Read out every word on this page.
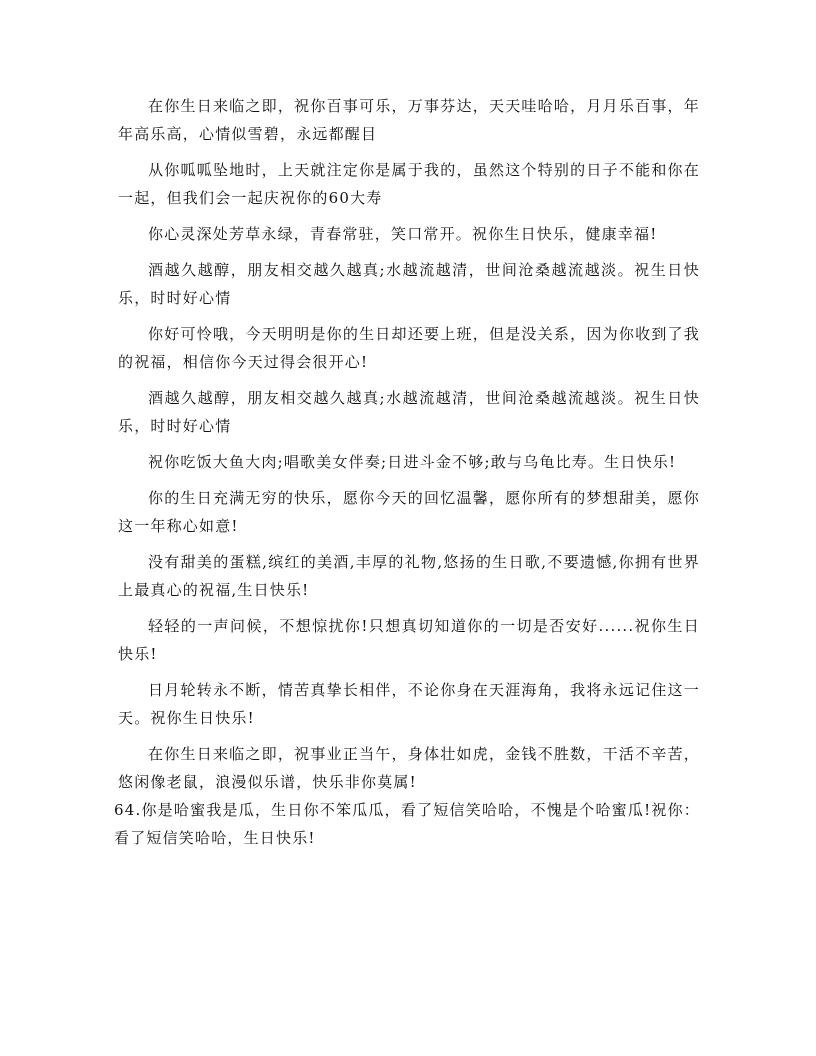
在你生日来临之即，祝你百事可乐，万事芬达，天天哇哈哈，月月乐百事，年年高乐高，心情似雪碧，永远都醒目

从你呱呱坠地时，上天就注定你是属于我的，虽然这个特别的日子不能和你在一起，但我们会一起庆祝你的60大寿

你心灵深处芳草永绿，青春常驻，笑口常开。祝你生日快乐，健康幸福!

酒越久越醇，朋友相交越久越真;水越流越清，世间沧桑越流越淡。祝生日快乐，时时好心情

你好可怜哦，今天明明是你的生日却还要上班，但是没关系，因为你收到了我的祝福，相信你今天过得会很开心!

酒越久越醇，朋友相交越久越真;水越流越清，世间沧桑越流越淡。祝生日快乐，时时好心情

祝你吃饭大鱼大肉;唱歌美女伴奏;日进斗金不够;敢与乌龟比寿。生日快乐!

你的生日充满无穷的快乐，愿你今天的回忆温馨，愿你所有的梦想甜美，愿你这一年称心如意!

没有甜美的蛋糕,缤红的美酒,丰厚的礼物,悠扬的生日歌,不要遗憾,你拥有世界上最真心的祝福,生日快乐!

轻轻的一声问候，不想惊扰你!只想真切知道你的一切是否安好......祝你生日快乐!

日月轮转永不断，情苦真挚长相伴，不论你身在天涯海角，我将永远记住这一天。祝你生日快乐!

在你生日来临之即，祝事业正当午，身体壮如虎，金钱不胜数，干活不辛苦，悠闲像老鼠，浪漫似乐谱，快乐非你莫属!

64.你是哈蜜我是瓜，生日你不笨瓜瓜，看了短信笑哈哈，不愧是个哈蜜瓜!祝你：看了短信笑哈哈，生日快乐!
